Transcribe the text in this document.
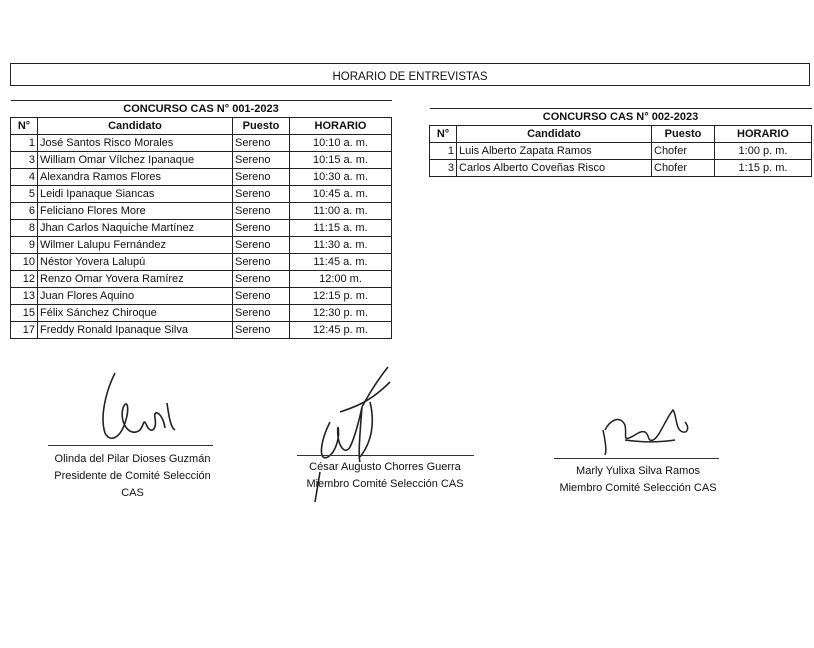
HORARIO DE ENTREVISTAS
CONCURSO CAS N° 001-2023			
N°	Candidato	Puesto	HORARIO
1	José Santos Risco Morales	Sereno	10:10 a. m.
3	William Omar Vílchez Ipanaque	Sereno	10:15 a. m.
4	Alexandra Ramos Flores	Sereno	10:30 a. m.
5	Leidi Ipanaque Siancas	Sereno	10:45 a. m.
6	Feliciano Flores More	Sereno	11:00 a. m.
8	Jhan Carlos Naquiche Martínez	Sereno	11:15 a. m.
9	Wilmer Lalupu Fernández	Sereno	11:30 a. m.
10	Néstor Yovera Lalupú	Sereno	11:45 a. m.
12	Renzo Omar Yovera Ramírez	Sereno	12:00 m.
13	Juan Flores Aquino	Sereno	12:15 p. m.
15	Félix Sánchez Chiroque	Sereno	12:30 p. m.
17	Freddy Ronald Ipanaque Silva	Sereno	12:45 p. m.
CONCURSO CAS N° 002-2023			
N°	Candidato	Puesto	HORARIO
1	Luis Alberto Zapata Ramos	Chofer	1:00 p. m.
3	Carlos Alberto Coveñas Risco	Chofer	1:15 p. m.
Olinda del Pilar Dioses Guzmán
Presidente de Comité Selección
CAS
César Augusto Chorres Guerra
Miembro Comité Selección CAS
Marly Yulixa Silva Ramos
Miembro Comité Selección CAS
